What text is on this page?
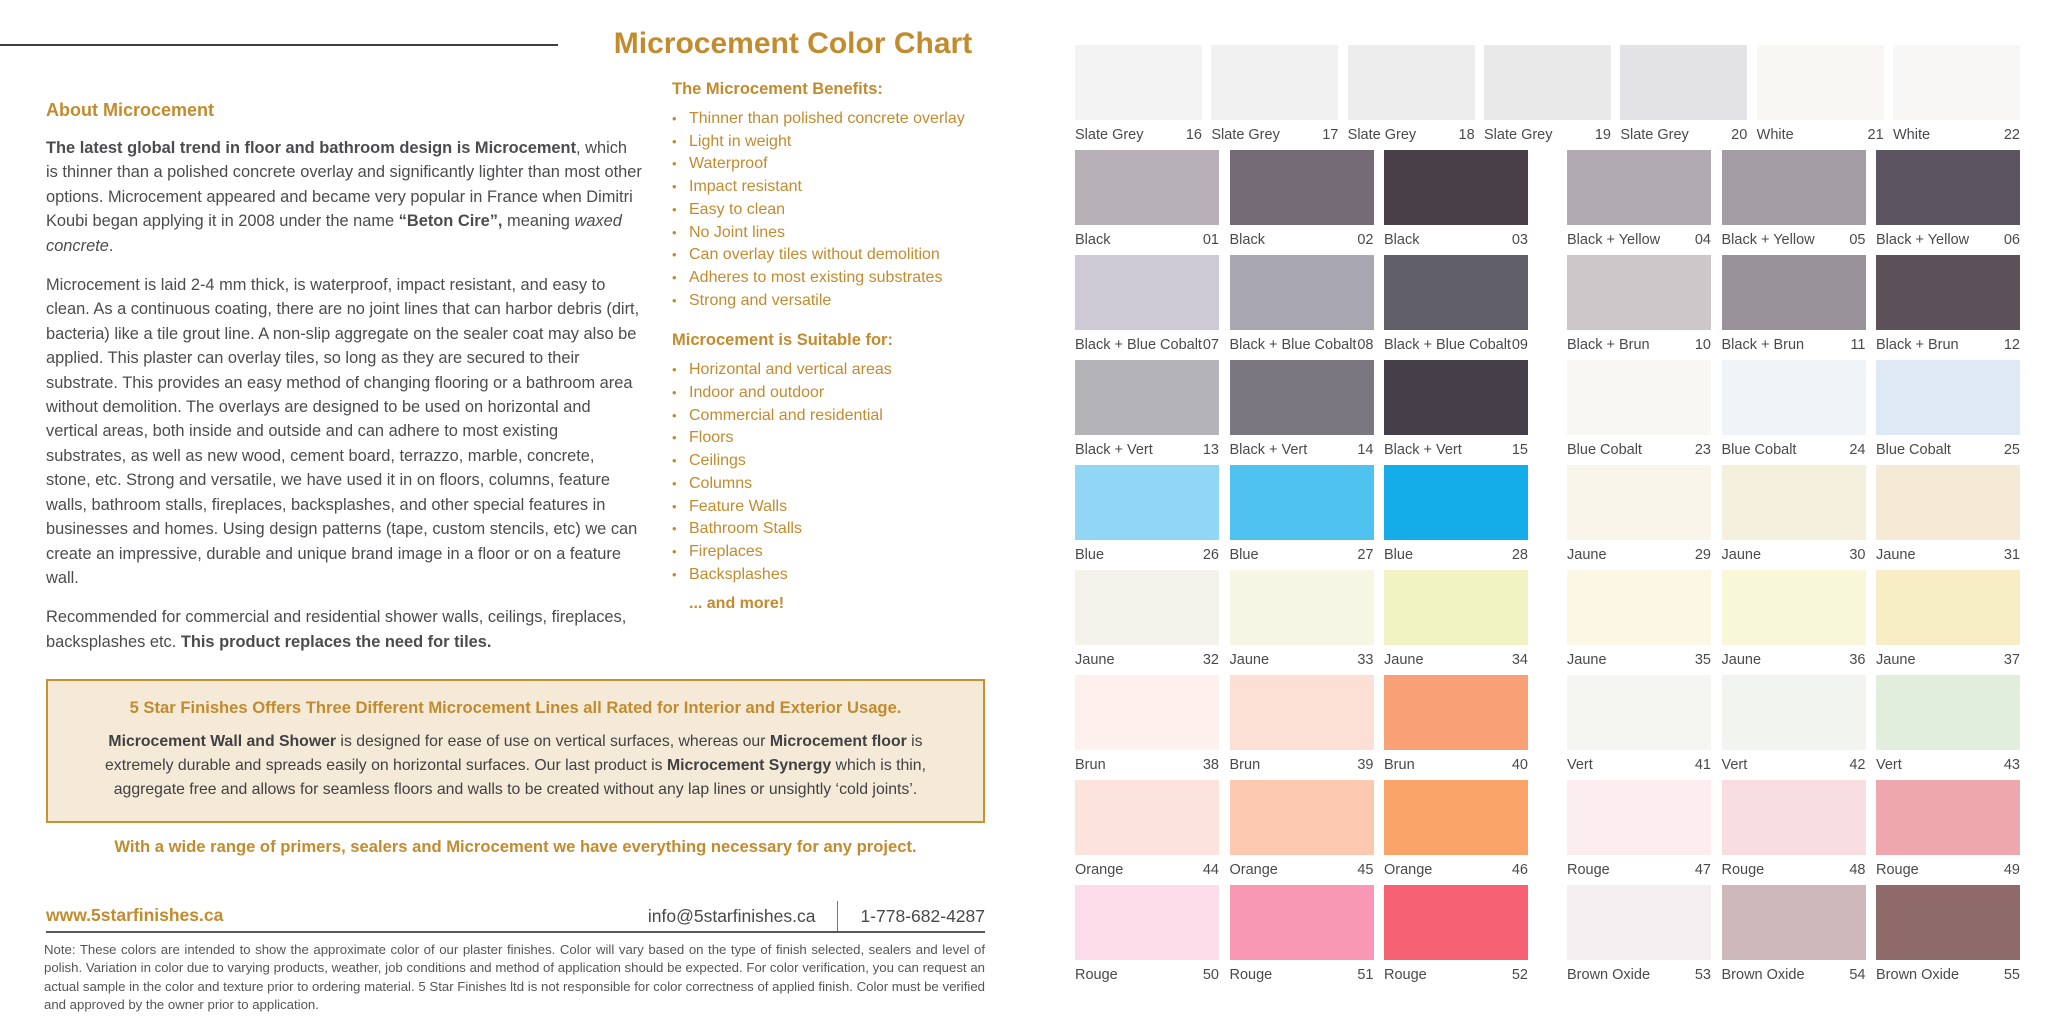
Microcement Color Chart
About Microcement

The latest global trend in floor and bathroom design is Microcement, which is thinner than a polished concrete overlay and significantly lighter than most other options. Microcement appeared and became very popular in France when Dimitri Koubi began applying it in 2008 under the name “Beton Cire”, meaning waxed concrete.

Microcement is laid 2-4 mm thick, is waterproof, impact resistant, and easy to clean. As a continuous coating, there are no joint lines that can harbor debris (dirt, bacteria) like a tile grout line. A non-slip aggregate on the sealer coat may also be applied. This plaster can overlay tiles, so long as they are secured to their substrate. This provides an easy method of changing flooring or a bathroom area without demolition. The overlays are designed to be used on horizontal and vertical areas, both inside and outside and can adhere to most existing substrates, as well as new wood, cement board, terrazzo, marble, concrete, stone, etc. Strong and versatile, we have used it in on floors, columns, feature walls, bathroom stalls, fireplaces, backsplashes, and other special features in businesses and homes. Using design patterns (tape, custom stencils, etc) we can create an impressive, durable and unique brand image in a floor or on a feature wall.

Recommended for commercial and residential shower walls, ceilings, fireplaces, backsplashes etc. This product replaces the need for tiles.

The Microcement Benefits:
• Thinner than polished concrete overlay
• Light in weight
• Waterproof
• Impact resistant
• Easy to clean
• No Joint lines
• Can overlay tiles without demolition
• Adheres to most existing substrates
• Strong and versatile
Microcement is Suitable for:
• Horizontal and vertical areas
• Indoor and outdoor
• Commercial and residential
• Floors
• Ceilings
• Columns
• Feature Walls
• Bathroom Stalls
• Fireplaces
• Backsplashes
... and more!
5 Star Finishes Offers Three Different Microcement Lines all Rated for Interior and Exterior Usage.
Microcement Wall and Shower is designed for ease of use on vertical surfaces, whereas our Microcement floor is extremely durable and spreads easily on horizontal surfaces. Our last product is Microcement Synergy which is thin, aggregate free and allows for seamless floors and walls to be created without any lap lines or unsightly ‘cold joints’.
With a wide range of primers, sealers and Microcement we have everything necessary for any project.
www.5starfinishes.ca	info@5starfinishes.ca	1-778-682-4287

Note: These colors are intended to show the approximate color of our plaster finishes. Color will vary based on the type of finish selected, sealers and level of polish. Variation in color due to varying products, weather, job conditions and method of application should be expected. For color verification, you can request an actual sample in the color and texture prior to ordering material. 5 Star Finishes ltd is not responsible for color correctness of applied finish. Color must be verified and approved by the owner prior to application.

Slate Grey	16 Slate Grey	17 Slate Grey	18 Slate Grey	19 Slate Grey	20 White	21 White	22
Black	01 Black	02 Black	03	Black + Yellow 04 Black + Yellow 05 Black + Yellow 06
Black + Blue Cobalt 07 Black + Blue Cobalt 08 Black + Blue Cobalt 09	Black + Brun	10 Black + Brun	11 Black + Brun	12
Black + Vert	13 Black + Vert	14 Black + Vert	15	Blue Cobalt	23 Blue Cobalt	24 Blue Cobalt	25
Blue	26 Blue	27 Blue	28	Jaune	29 Jaune	30 Jaune	31
Jaune	32 Jaune	33 Jaune	34	Jaune	35 Jaune	36 Jaune	37
Brun	38 Brun	39 Brun	40	Vert	41 Vert	42 Vert	43
Orange	44 Orange	45 Orange	46	Rouge	47 Rouge	48 Rouge	49
Rouge	50 Rouge	51 Rouge	52	Brown Oxide	53 Brown Oxide	54 Brown Oxide	55
